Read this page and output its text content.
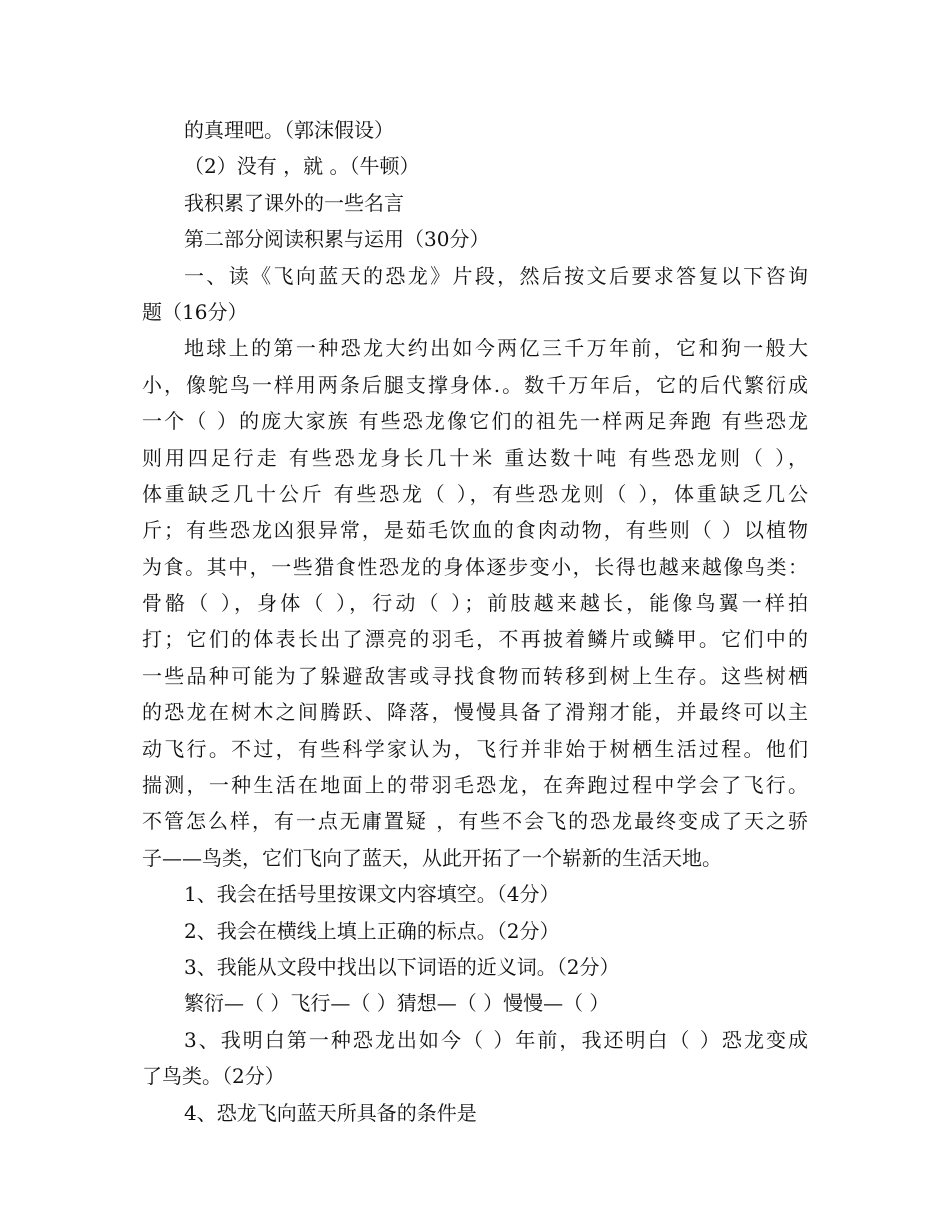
的真理吧。（郭沫假设）
（2）没有 ，就 。（牛顿）
我积累了课外的一些名言
第二部分阅读积累与运用（30分）
一、读《飞向蓝天的恐龙》片段，然后按文后要求答复以下咨询
题（16分）
地球上的第一种恐龙大约出如今两亿三千万年前，它和狗一般大
小，像鸵鸟一样用两条后腿支撑身体.。数千万年后，它的后代繁衍成
一个（ ）的庞大家族 有些恐龙像它们的祖先一样两足奔跑 有些恐龙
则用四足行走 有些恐龙身长几十米 重达数十吨 有些恐龙则（ ），
体重缺乏几十公斤 有些恐龙（ ），有些恐龙则（ ），体重缺乏几公
斤；有些恐龙凶狠异常，是茹毛饮血的食肉动物，有些则（ ）以植物
为食。其中，一些猎食性恐龙的身体逐步变小，长得也越来越像鸟类：
骨骼（ ），身体（ ），行动（ ）；前肢越来越长，能像鸟翼一样拍
打；它们的体表长出了漂亮的羽毛，不再披着鳞片或鳞甲。它们中的
一些品种可能为了躲避敌害或寻找食物而转移到树上生存。这些树栖
的恐龙在树木之间腾跃、降落，慢慢具备了滑翔才能，并最终可以主
动飞行。不过，有些科学家认为，飞行并非始于树栖生活过程。他们
揣测，一种生活在地面上的带羽毛恐龙，在奔跑过程中学会了飞行。
不管怎么样，有一点无庸置疑 ，有些不会飞的恐龙最终变成了天之骄
子——鸟类，它们飞向了蓝天，从此开拓了一个崭新的生活天地。
1、我会在括号里按课文内容填空。（4分）
2、我会在横线上填上正确的标点。（2分）
3、我能从文段中找出以下词语的近义词。（2分）
繁衍—（ ）飞行—（ ）猜想—（ ）慢慢—（ ）
3、我明白第一种恐龙出如今（ ）年前，我还明白（ ）恐龙变成
了鸟类。（2分）
4、恐龙飞向蓝天所具备的条件是
